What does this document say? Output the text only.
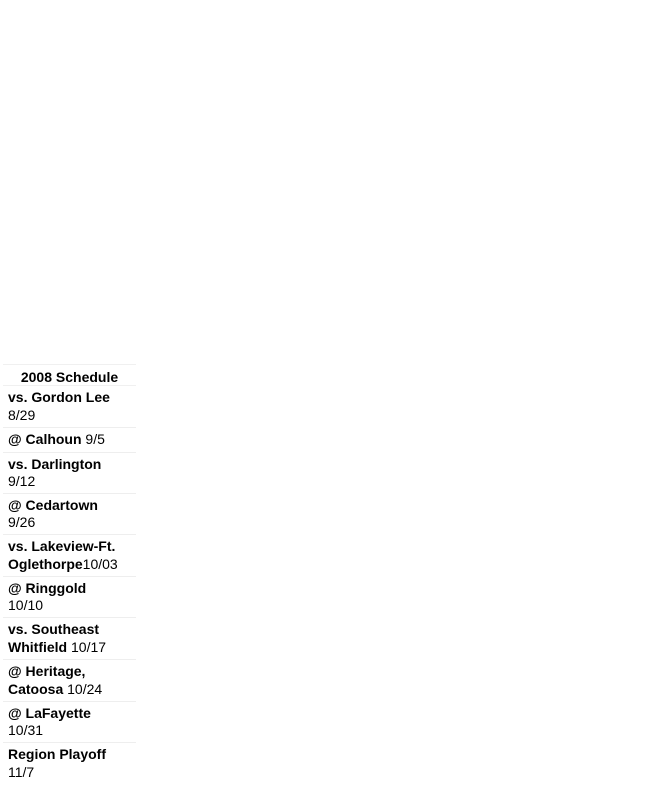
2008 Schedule
vs. Gordon Lee
8/29
@ Calhoun 9/5
vs. Darlington
9/12
@ Cedartown
9/26
vs. Lakeview-Ft.
Oglethorpe10/03
@ Ringgold
10/10
vs. Southeast
Whitfield 10/17
@ Heritage,
Catoosa 10/24
@ LaFayette
10/31
Region Playoff
11/7
